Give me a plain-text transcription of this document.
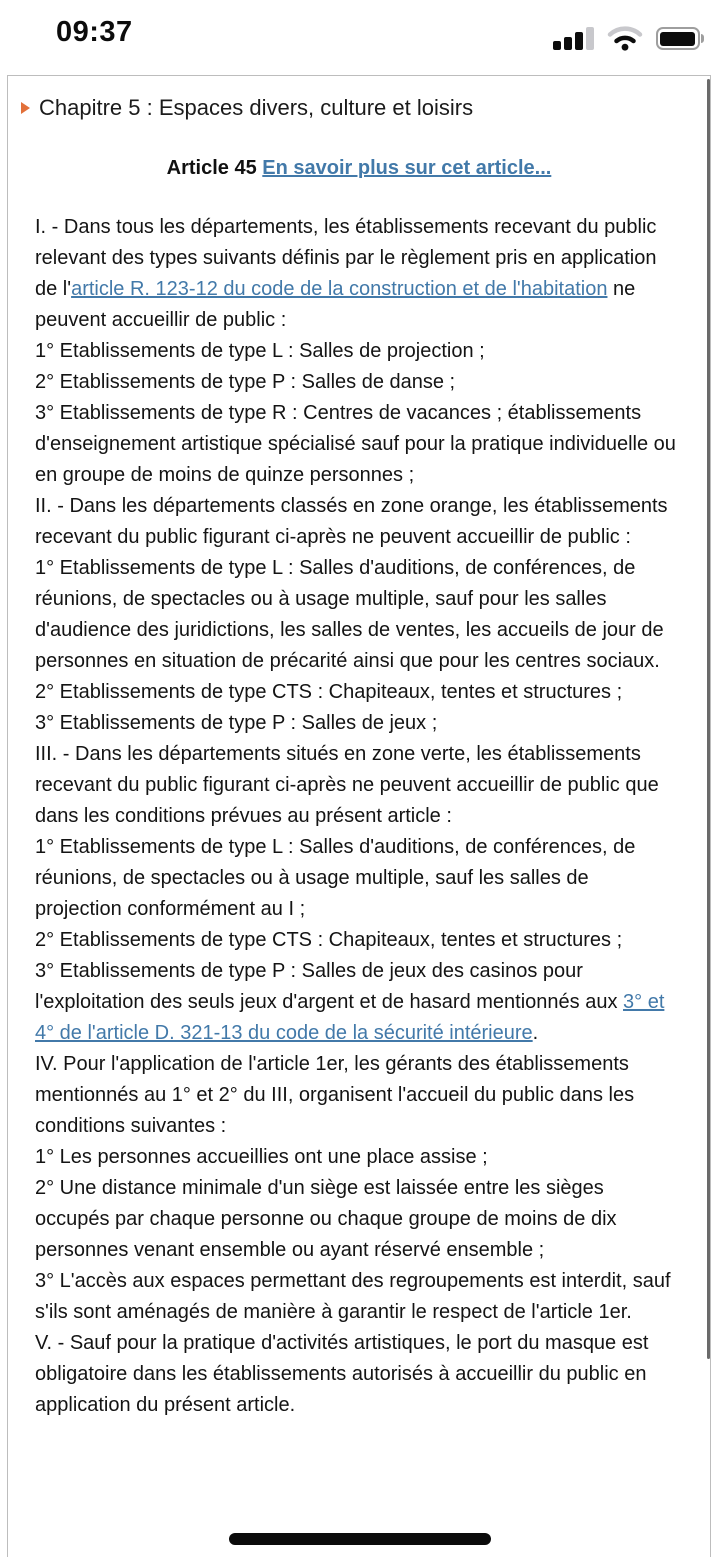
09:37
Chapitre 5 : Espaces divers, culture et loisirs
Article 45 En savoir plus sur cet article...

I. - Dans tous les départements, les établissements recevant du public relevant des types suivants définis par le règlement pris en application de l'article R. 123-12 du code de la construction et de l'habitation ne peuvent accueillir de public :

1° Etablissements de type L : Salles de projection ;

2° Etablissements de type P : Salles de danse ;

3° Etablissements de type R : Centres de vacances ; établissements d'enseignement artistique spécialisé sauf pour la pratique individuelle ou en groupe de moins de quinze personnes ;

II. - Dans les départements classés en zone orange, les établissements recevant du public figurant ci-après ne peuvent accueillir de public :

1° Etablissements de type L : Salles d'auditions, de conférences, de réunions, de spectacles ou à usage multiple, sauf pour les salles d'audience des juridictions, les salles de ventes, les accueils de jour de personnes en situation de précarité ainsi que pour les centres sociaux.

2° Etablissements de type CTS : Chapiteaux, tentes et structures ;

3° Etablissements de type P : Salles de jeux ;

III. - Dans les départements situés en zone verte, les établissements recevant du public figurant ci-après ne peuvent accueillir de public que dans les conditions prévues au présent article :

1° Etablissements de type L : Salles d'auditions, de conférences, de réunions, de spectacles ou à usage multiple, sauf les salles de projection conformément au I ;

2° Etablissements de type CTS : Chapiteaux, tentes et structures ;

3° Etablissements de type P : Salles de jeux des casinos pour l'exploitation des seuls jeux d'argent et de hasard mentionnés aux 3° et 4° de l'article D. 321-13 du code de la sécurité intérieure.

IV. Pour l'application de l'article 1er, les gérants des établissements mentionnés au 1° et 2° du III, organisent l'accueil du public dans les conditions suivantes :

1° Les personnes accueillies ont une place assise ;

2° Une distance minimale d'un siège est laissée entre les sièges occupés par chaque personne ou chaque groupe de moins de dix personnes venant ensemble ou ayant réservé ensemble ;

3° L'accès aux espaces permettant des regroupements est interdit, sauf s'ils sont aménagés de manière à garantir le respect de l'article 1er.

V. - Sauf pour la pratique d'activités artistiques, le port du masque est obligatoire dans les établissements autorisés à accueillir du public en application du présent article.
